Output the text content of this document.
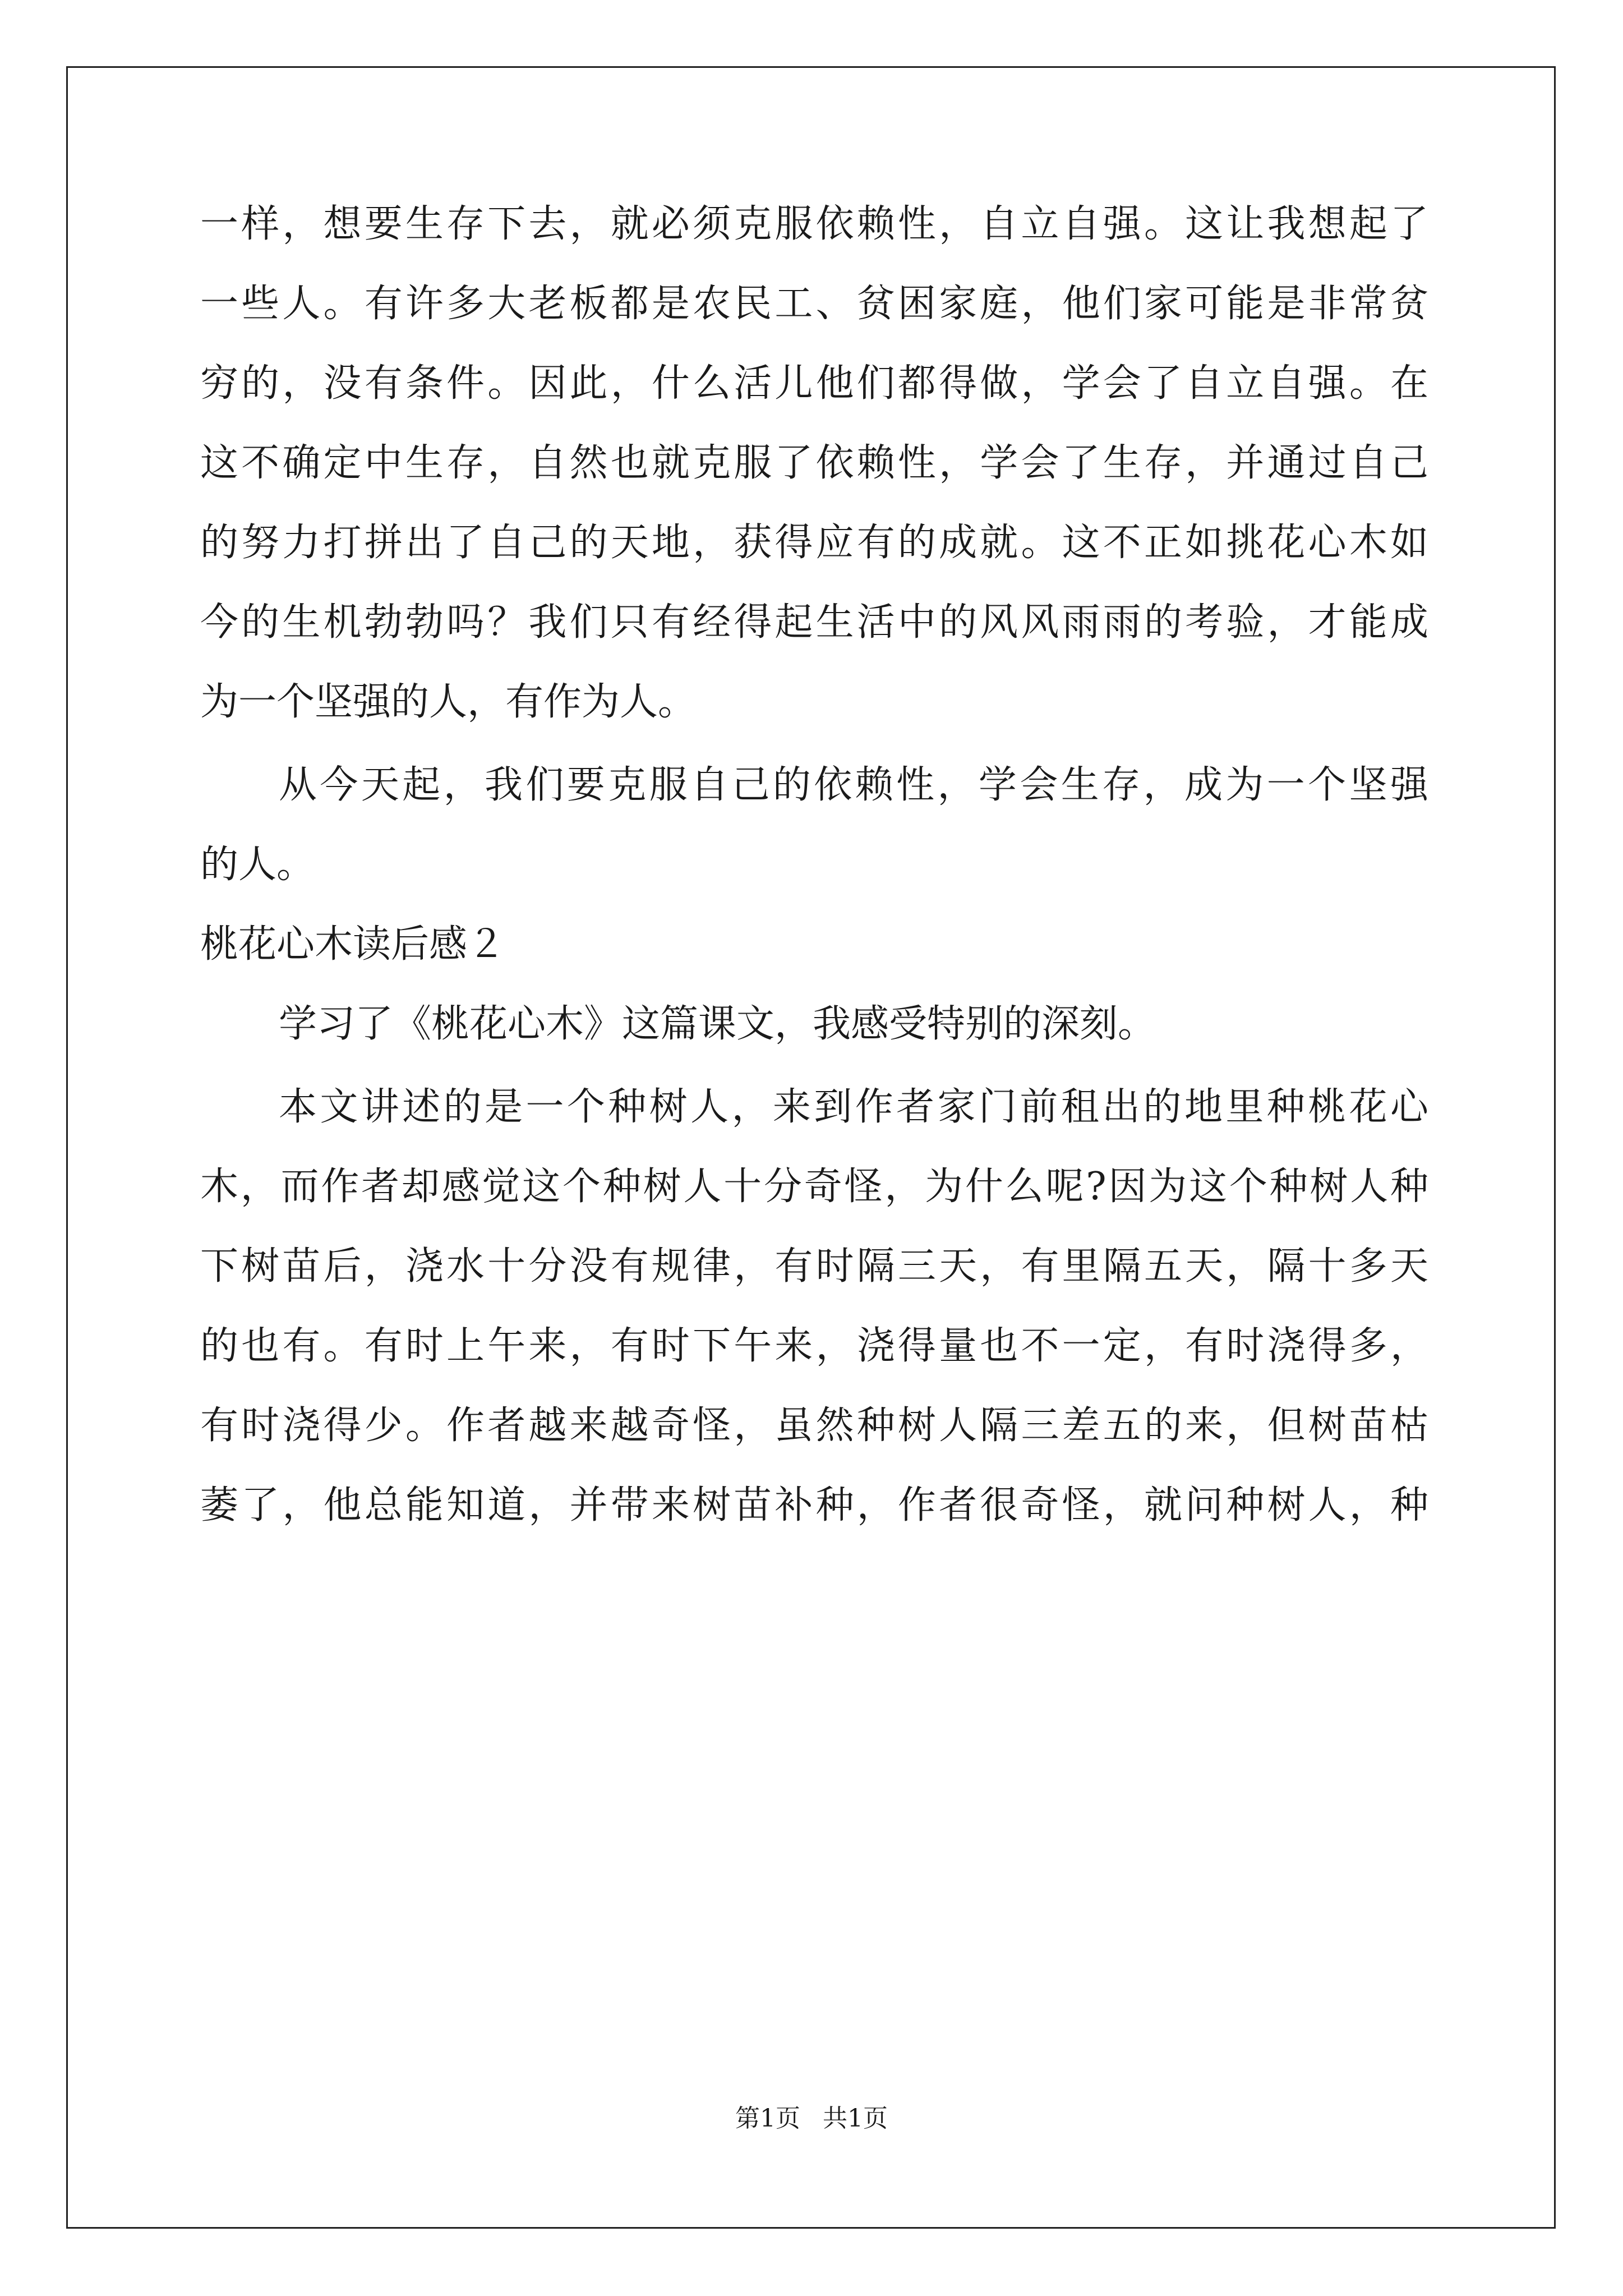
一样，想要生存下去，就必须克服依赖性，自立自强。这让我想起了
一些人。有许多大老板都是农民工、贫困家庭，他们家可能是非常贫
穷的，没有条件。因此，什么活儿他们都得做，学会了自立自强。在
这不确定中生存，自然也就克服了依赖性，学会了生存，并通过自己
的努力打拼出了自己的天地，获得应有的成就。这不正如挑花心木如
今的生机勃勃吗？我们只有经得起生活中的风风雨雨的考验，才能成
为一个坚强的人，有作为人。
从今天起，我们要克服自己的依赖性，学会生存，成为一个坚强
的人。
桃花心木读后感２
学习了《桃花心木》这篇课文，我感受特别的深刻。
本文讲述的是一个种树人，来到作者家门前租出的地里种桃花心
木，而作者却感觉这个种树人十分奇怪，为什么呢?因为这个种树人种
下树苗后，浇水十分没有规律，有时隔三天，有里隔五天，隔十多天
的也有。有时上午来，有时下午来，浇得量也不一定，有时浇得多，
有时浇得少。作者越来越奇怪，虽然种树人隔三差五的来，但树苗枯
萎了，他总能知道，并带来树苗补种，作者很奇怪，就问种树人，种
第1页 共1页
